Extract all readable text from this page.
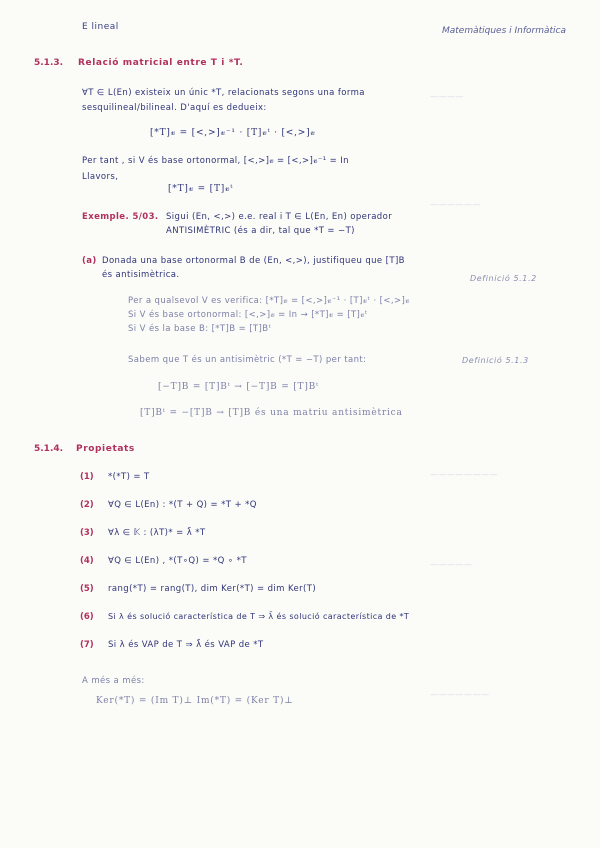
————
——————
————————
—————
———————
E lineal	Matemàtiques i Informàtica
5.1.3. Relació matricial entre T i *T.
∀T ∈ L(En) existeix un únic *T, relacionats segons una forma
sesquilineal/bilineal. D'aquí es dedueix:
[*T]𝓋 = [<,>]𝓋⁻¹ · [T]𝓋ᵗ · [<,>]𝓋
Per tant , si V és base ortonormal, [<,>]𝓋 = [<,>]𝓋⁻¹ = In
Llavors,
[*T]𝓋 = [T]𝓋ᵗ
Exemple. 5/03. Sigui (En, <,>) e.e. real i T ∈ L(En, En) operador
ANTISIMÈTRIC (és a dir, tal que *T = −T)
(a) Donada una base ortonormal B de (En, <,>), justifiqueu que [T]B
és antisimètrica.	Definició 5.1.2
Per a qualsevol V es verifica: [*T]𝓋 = [<,>]𝓋⁻¹ · [T]𝓋ᵗ · [<,>]𝓋
Si V és base ortonormal: [<,>]𝓋 = In → [*T]𝓋 = [T]𝓋ᵗ
Si V és la base B: [*T]B = [T]Bᵗ
Sabem que T és un antisimètric (*T = −T) per tant:	Definició 5.1.3
[−T]B = [T]Bᵗ → [−T]B = [T]Bᵗ
[T]Bᵗ = −[T]B → [T]B és una matriu antisimètrica
5.1.4. Propietats
(1) *(*T) = T
(2) ∀Q ∈ L(En) : *(T + Q) = *T + *Q
(3) ∀λ ∈ 𝕂 : (λT)* = λ̄ *T
(4) ∀Q ∈ L(En) , *(T∘Q) = *Q ∘ *T
(5) rang(*T) = rang(T), dim Ker(*T) = dim Ker(T)
(6) Si λ és solució característica de T ⇒ λ̄ és solució característica de *T
(7) Si λ és VAP de T ⇒ λ̄ és VAP de *T
A més a més:
Ker(*T) = (Im T)⊥ Im(*T) = (Ker T)⊥
